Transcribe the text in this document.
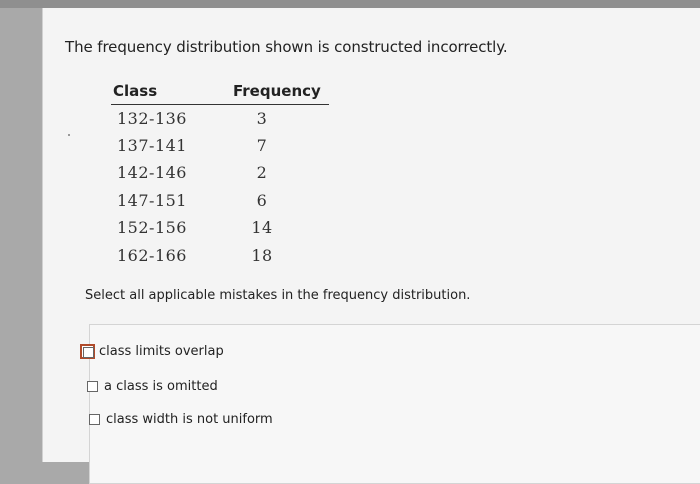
The frequency distribution shown is constructed incorrectly.
Class	Frequency
132-136	3
137-141	7
142-146	2
147-151	6
152-156	14
162-166	18
Select all applicable mistakes in the frequency distribution.
class limits overlap
a class is omitted
class width is not uniform
